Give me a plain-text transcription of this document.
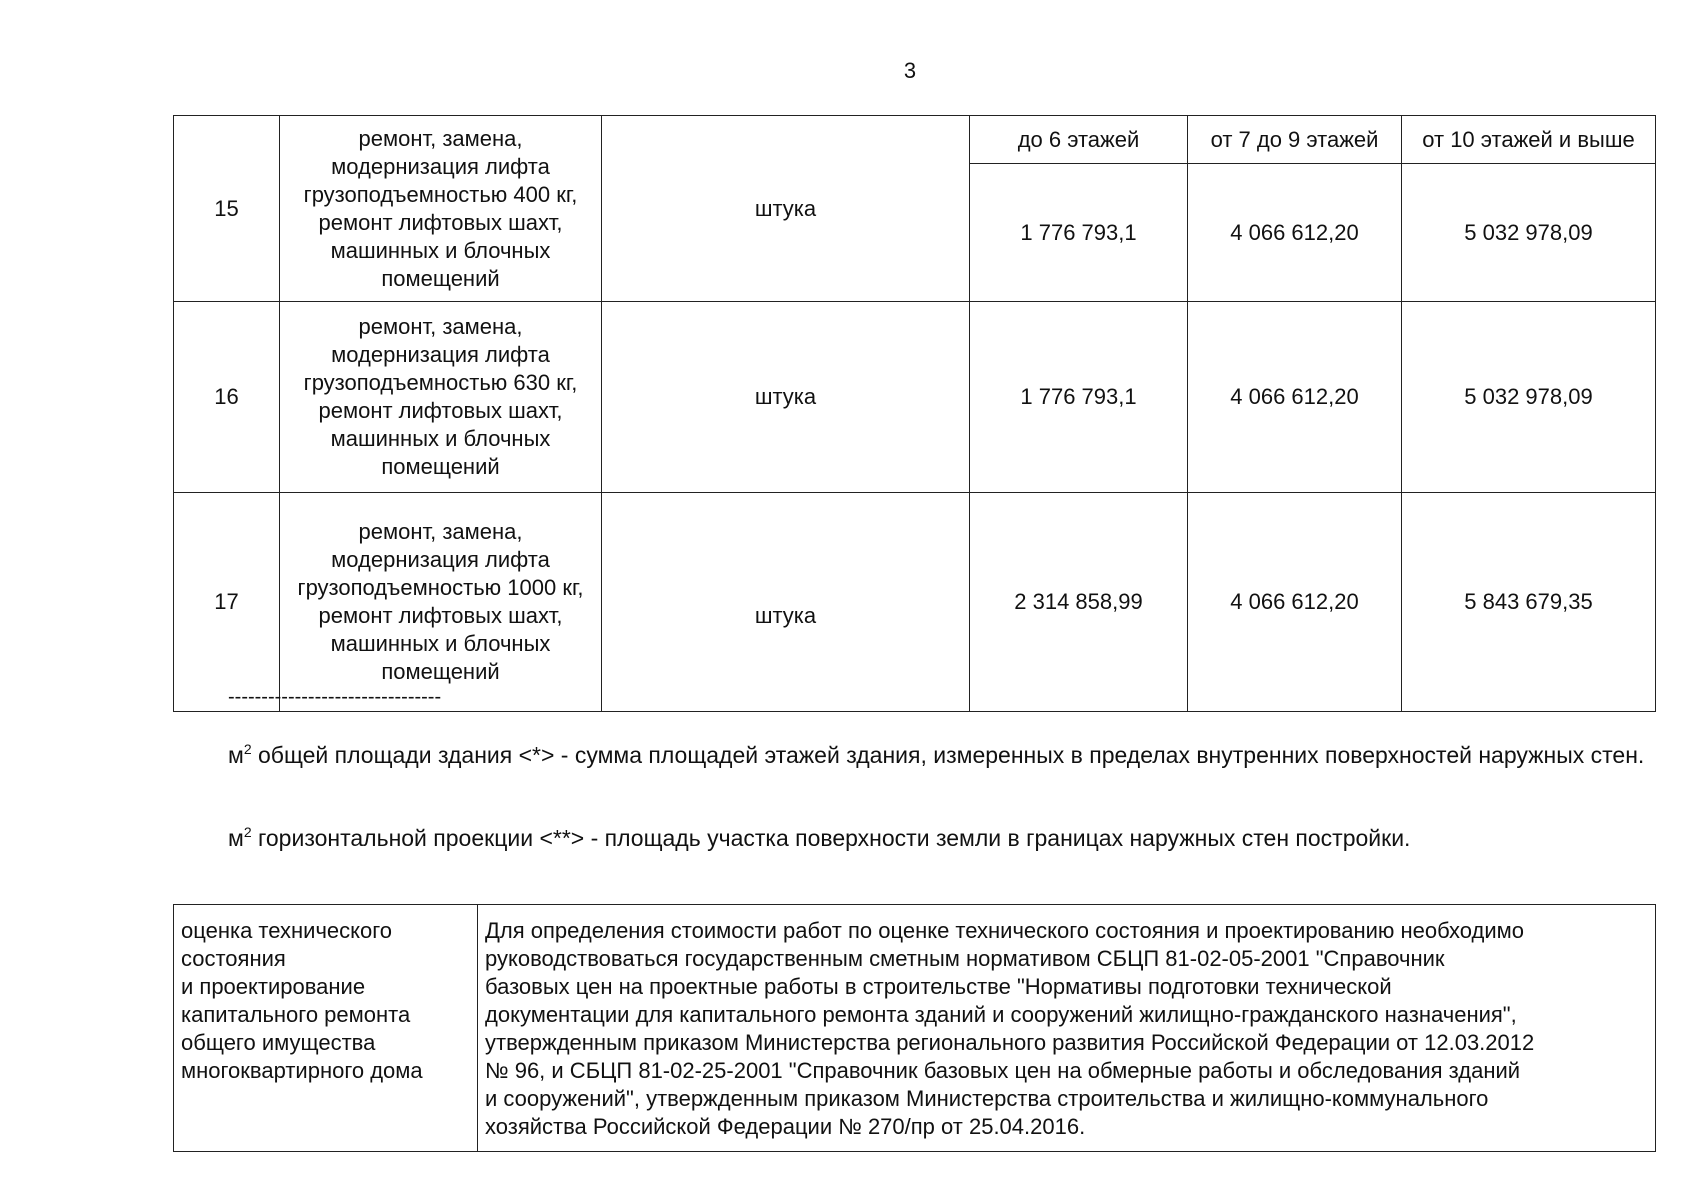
3
15	ремонт, замена, модернизация лифта грузоподъемностью 400 кг, ремонт лифтовых шахт, машинных и блочных помещений	штука	до 6 этажей	от 7 до 9 этажей	от 10 этажей и выше
			1 776 793,1	4 066 612,20	5 032 978,09
16	ремонт, замена, модернизация лифта грузоподъемностью 630 кг, ремонт лифтовых шахт, машинных и блочных помещений	штука	1 776 793,1	4 066 612,20	5 032 978,09
17	ремонт, замена, модернизация лифта грузоподъемностью 1000 кг, ремонт лифтовых шахт, машинных и блочных помещений	штука	2 314 858,99	4 066 612,20	5 843 679,35
--------------------------------
$м^2$ общей площади здания <*> - сумма площадей этажей здания, измеренных в пределах внутренних поверхностей наружных стен.
$м^2$ горизонтальной проекции <**> - площадь участка поверхности земли в границах наружных стен постройки.
оценка технического
состояния
и проектирование
капитального ремонта
общего имущества
многоквартирного дома	Для определения стоимости работ по оценке технического состояния и проектированию необходимо
руководствоваться государственным сметным нормативом СБЦП 81-02-05-2001 "Справочник
базовых цен на проектные работы в строительстве "Нормативы подготовки технической
документации для капитального ремонта зданий и сооружений жилищно-гражданского назначения",
утвержденным приказом Министерства регионального развития Российской Федерации от 12.03.2012
№ 96, и СБЦП 81-02-25-2001 "Справочник базовых цен на обмерные работы и обследования зданий
и сооружений", утвержденным приказом Министерства строительства и жилищно-коммунального
хозяйства Российской Федерации № 270/пр от 25.04.2016.
